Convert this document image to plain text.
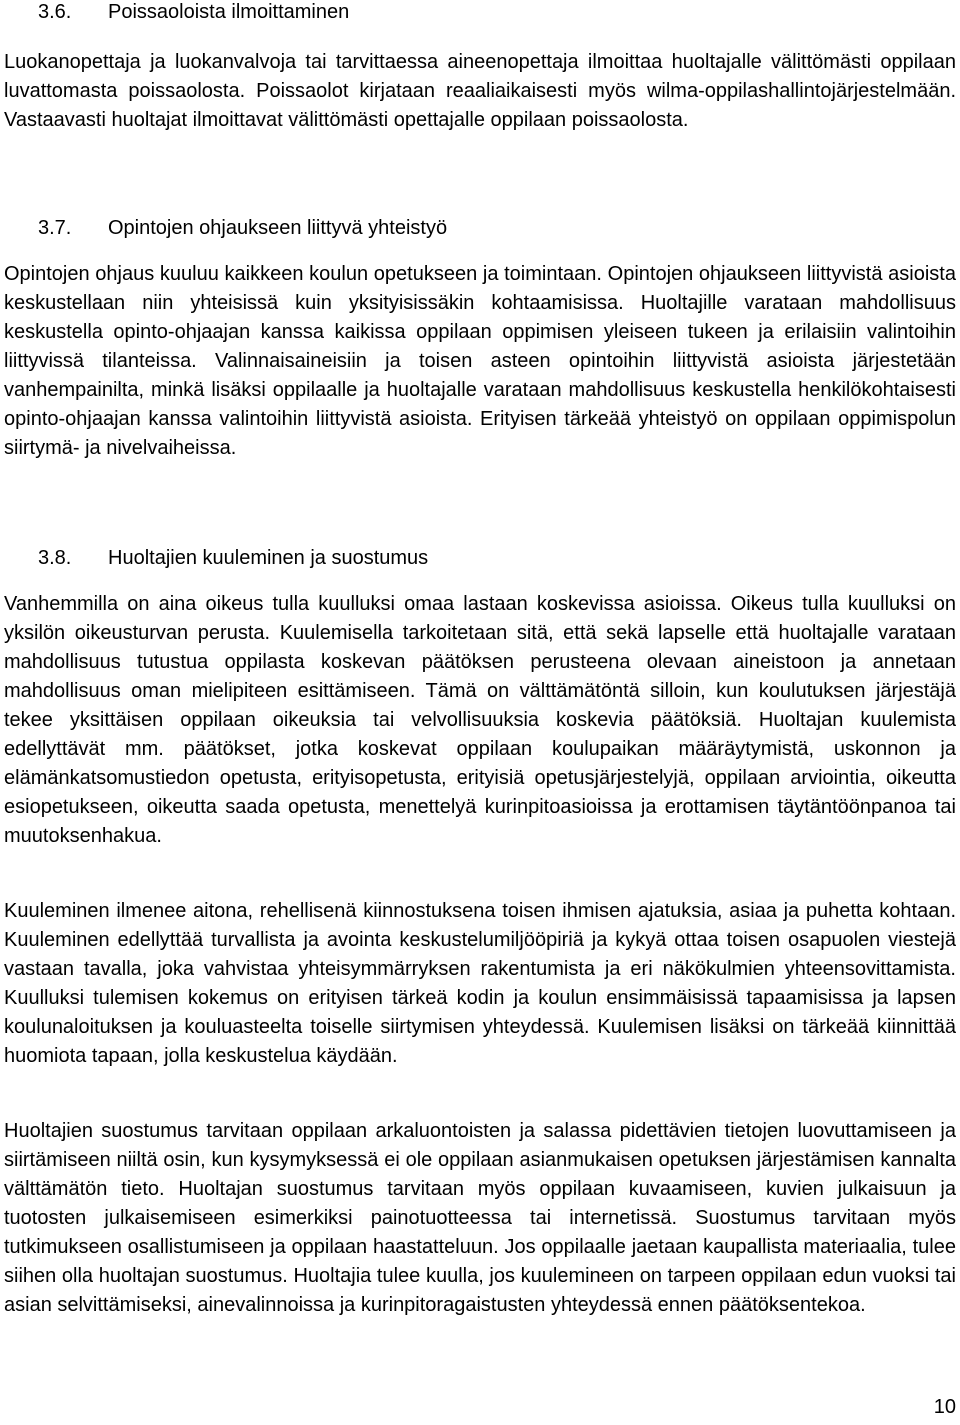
3.6. Poissaoloista ilmoittaminen

Luokanopettaja ja luokanvalvoja tai tarvittaessa aineenopettaja ilmoittaa huoltajalle välittömästi oppilaan luvattomasta poissaolosta. Poissaolot kirjataan reaaliaikaisesti myös wilma-oppilashallintojärjestelmään. Vastaavasti huoltajat ilmoittavat välittömästi opettajalle oppilaan poissaolosta.

3.7. Opintojen ohjaukseen liittyvä yhteistyö

Opintojen ohjaus kuuluu kaikkeen koulun opetukseen ja toimintaan. Opintojen ohjaukseen liittyvistä asioista keskustellaan niin yhteisissä kuin yksityisissäkin kohtaamisissa. Huoltajille varataan mahdollisuus keskustella opinto-ohjaajan kanssa kaikissa oppilaan oppimisen yleiseen tukeen ja erilaisiin valintoihin liittyvissä tilanteissa. Valinnaisaineisiin ja toisen asteen opintoihin liittyvistä asioista järjestetään vanhempainilta, minkä lisäksi oppilaalle ja huoltajalle varataan mahdollisuus keskustella henkilökohtaisesti opinto-ohjaajan kanssa valintoihin liittyvistä asioista. Erityisen tärkeää yhteistyö on oppilaan oppimispolun siirtymä- ja nivelvaiheissa.

3.8. Huoltajien kuuleminen ja suostumus

Vanhemmilla on aina oikeus tulla kuulluksi omaa lastaan koskevissa asioissa. Oikeus tulla kuulluksi on yksilön oikeusturvan perusta. Kuulemisella tarkoitetaan sitä, että sekä lapselle että huoltajalle varataan mahdollisuus tutustua oppilasta koskevan päätöksen perusteena olevaan aineistoon ja annetaan mahdollisuus oman mielipiteen esittämiseen. Tämä on välttämätöntä silloin, kun koulutuksen järjestäjä tekee yksittäisen oppilaan oikeuksia tai velvollisuuksia koskevia päätöksiä. Huoltajan kuulemista edellyttävät mm. päätökset, jotka koskevat oppilaan koulupaikan määräytymistä, uskonnon ja elämänkatsomustiedon opetusta, erityisopetusta, erityisiä opetusjärjestelyjä, oppilaan arviointia, oikeutta esiopetukseen, oikeutta saada opetusta, menettelyä kurinpitoasioissa ja erottamisen täytäntöönpanoa tai muutoksenhakua.

Kuuleminen ilmenee aitona, rehellisenä kiinnostuksena toisen ihmisen ajatuksia, asiaa ja puhetta kohtaan. Kuuleminen edellyttää turvallista ja avointa keskustelumiljööpiriä ja kykyä ottaa toisen osapuolen viestejä vastaan tavalla, joka vahvistaa yhteisymmärryksen rakentumista ja eri näkökulmien yhteensovittamista. Kuulluksi tulemisen kokemus on erityisen tärkeä kodin ja koulun ensimmäisissä tapaamisissa ja lapsen koulunaloituksen ja kouluasteelta toiselle siirtymisen yhteydessä. Kuulemisen lisäksi on tärkeää kiinnittää huomiota tapaan, jolla keskustelua käydään.

Huoltajien suostumus tarvitaan oppilaan arkaluontoisten ja salassa pidettävien tietojen luovuttamiseen ja siirtämiseen niiltä osin, kun kysymyksessä ei ole oppilaan asianmukaisen opetuksen järjestämisen kannalta välttämätön tieto. Huoltajan suostumus tarvitaan myös oppilaan kuvaamiseen, kuvien julkaisuun ja tuotosten julkaisemiseen esimerkiksi painotuotteessa tai internetissä. Suostumus tarvitaan myös tutkimukseen osallistumiseen ja oppilaan haastatteluun. Jos oppilaalle jaetaan kaupallista materiaalia, tulee siihen olla huoltajan suostumus. Huoltajia tulee kuulla, jos kuulemineen on tarpeen oppilaan edun vuoksi tai asian selvittämiseksi, ainevalinnoissa ja kurinpitoragaistusten yhteydessä ennen päätöksentekoa.

10
